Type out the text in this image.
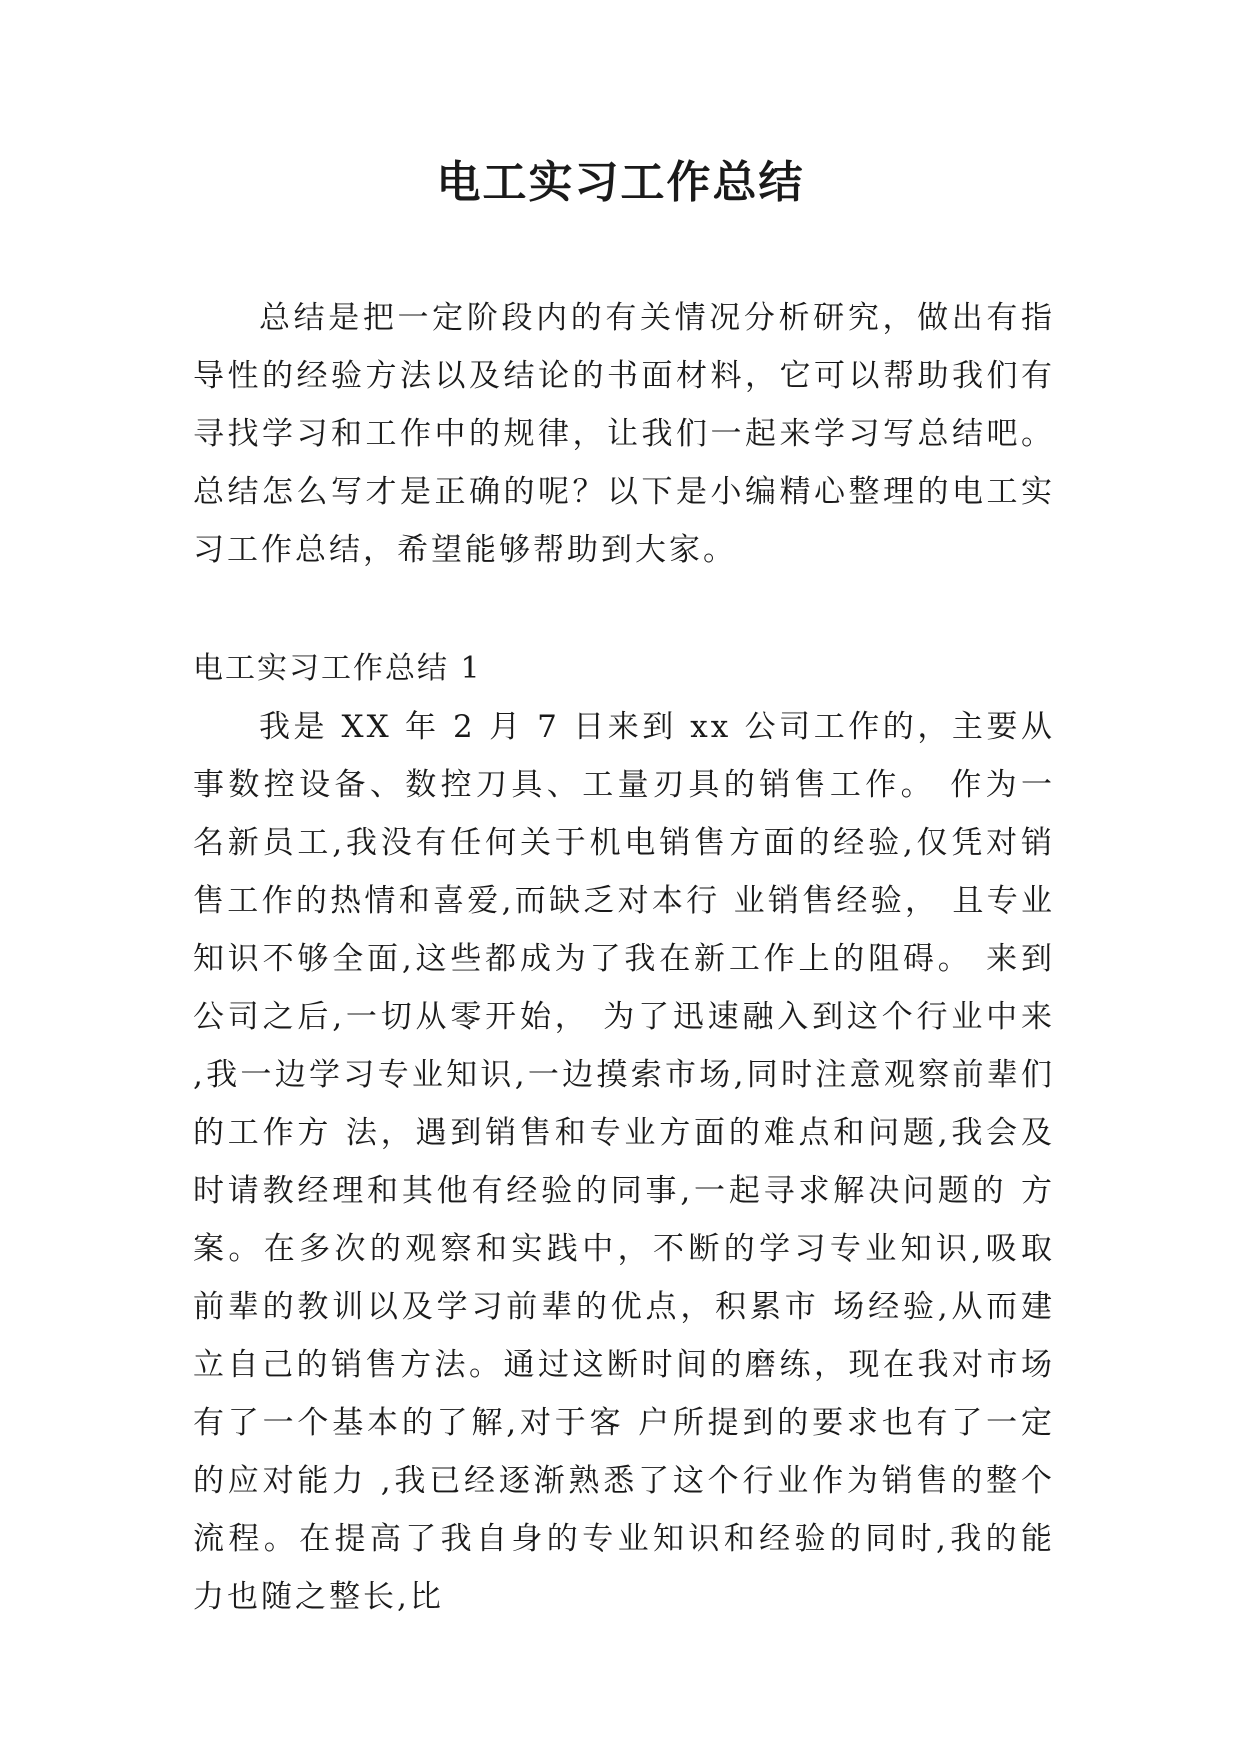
电工实习工作总结

总结是把一定阶段内的有关情况分析研究，做出有指导性的经验方法以及结论的书面材料，它可以帮助我们有寻找学习和工作中的规律，让我们一起来学习写总结吧。总结怎么写才是正确的呢？以下是小编精心整理的电工实习工作总结，希望能够帮助到大家。

电工实习工作总结 1

我是 XX 年 2 月 7 日来到 xx 公司工作的，主要从事数控设备、数控刀具、工量刃具的销售工作。 作为一名新员工,我没有任何关于机电销售方面的经验,仅凭对销售工作的热情和喜爱,而缺乏对本行 业销售经验， 且专业知识不够全面,这些都成为了我在新工作上的阻碍。 来到公司之后,一切从零开始， 为了迅速融入到这个行业中来 ,我一边学习专业知识,一边摸索市场,同时注意观察前辈们的工作方 法，遇到销售和专业方面的难点和问题,我会及时请教经理和其他有经验的同事,一起寻求解决问题的 方案。在多次的观察和实践中，不断的学习专业知识,吸取前辈的教训以及学习前辈的优点，积累市 场经验,从而建立自己的销售方法。通过这断时间的磨练，现在我对市场有了一个基本的了解,对于客 户所提到的要求也有了一定的应对能力 ,我已经逐渐熟悉了这个行业作为销售的整个流程。在提高了我自身的专业知识和经验的同时,我的能力也随之整长,比
